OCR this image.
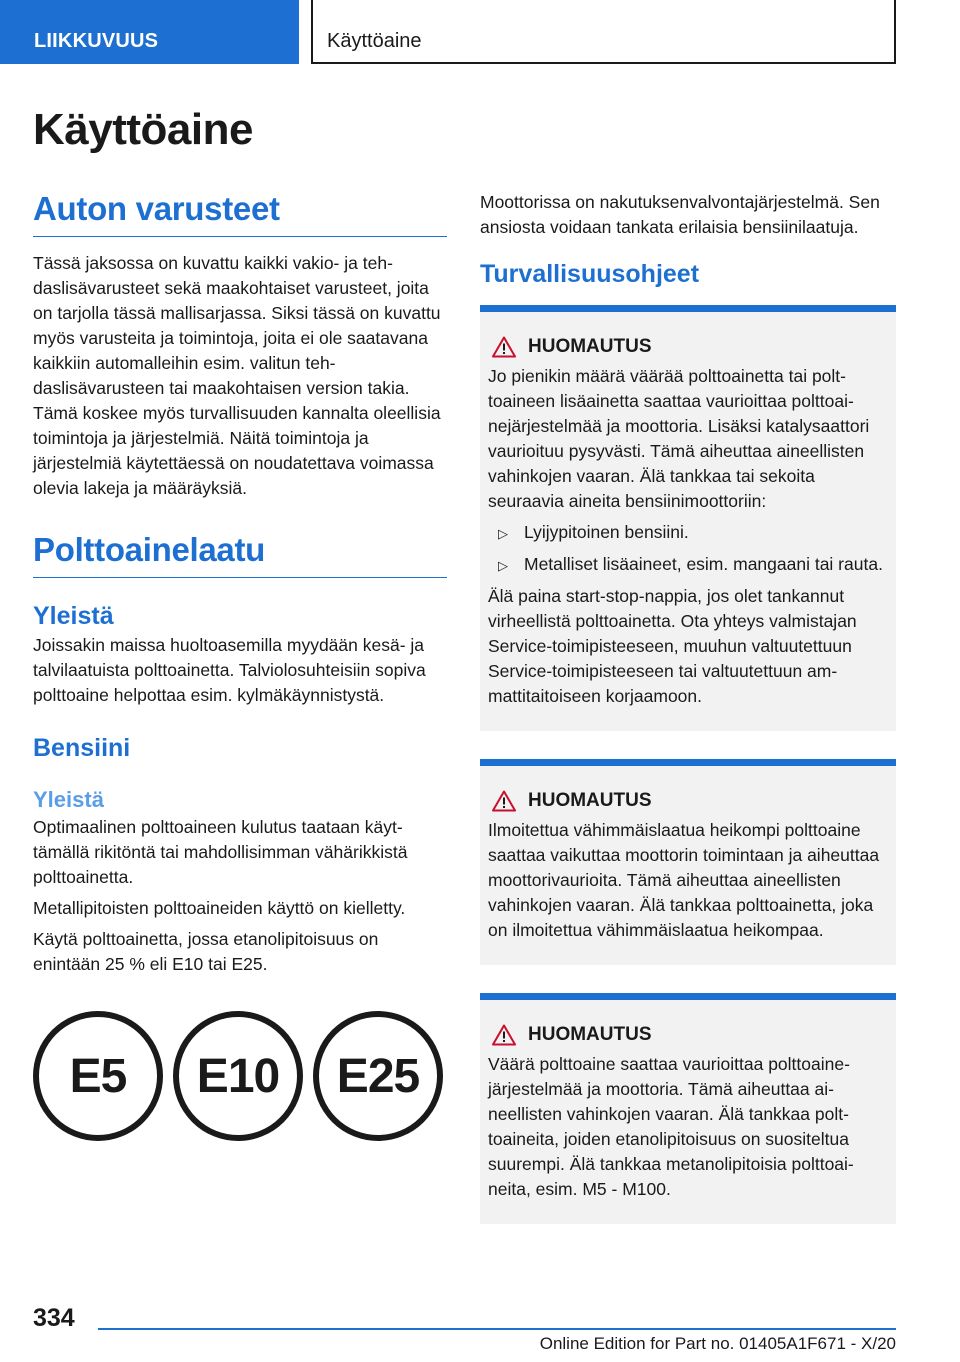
LIIKKUVUUS	Käyttöaine
Käyttöaine
Auton varusteet

Tässä jaksossa on kuvattu kaikki vakio- ja tehdaslisävarusteet sekä maakohtaiset varusteet, joita on tarjolla tässä mallisarjassa. Siksi tässä on kuvattu myös varusteita ja toimintoja, joita ei ole saatavana kaikkiin automalleihin esim. valitun tehdaslisävarusteen tai maakohtaisen version takia. Tämä koskee myös turvallisuuden kannalta oleellisia toimintoja ja järjestelmiä. Näitä toimintoja ja järjestelmiä käytettäessä on noudatettava voimassa olevia lakeja ja määräyksiä.

Polttoainelaatu
Yleistä

Joissakin maissa huoltoasemilla myydään kesä- ja talvilaatuista polttoainetta. Talviolosuhteisiin sopiva polttoaine helpottaa esim. kylmäkäynnistystä.

Bensiini
Yleistä

Optimaalinen polttoaineen kulutus taataan käyttämällä rikitöntä tai mahdollisimman vähärikkistä polttoainetta.

Metallipitoisten polttoaineiden käyttö on kielletty.

Käytä polttoainetta, jossa etanolipitoisuus on enintään 25 % eli E10 tai E25.

E5	E10	E25

Moottorissa on nakutuksenvalvontajärjestelmä. Sen ansiosta voidaan tankata erilaisia bensiinilaatuja.

Turvallisuusohjeet
HUOMAUTUS

Jo pienikin määrä väärää polttoainetta tai polttoaineen lisäainetta saattaa vaurioittaa polttoainejärjestelmää ja moottoria. Lisäksi katalysaattori vaurioituu pysyvästi. Tämä aiheuttaa aineellisten vahinkojen vaaran. Älä tankkaa tai sekoita seuraavia aineita bensiinimoottoriin:

▷ Lyijypitoinen bensiini.
▷ Metalliset lisäaineet, esim. mangaani tai rauta.

Älä paina start-stop-nappia, jos olet tankannut virheellistä polttoainetta. Ota yhteys valmistajan Service-toimipisteeseen, muuhun valtuutettuun Service-toimipisteeseen tai valtuutettuun ammattitaitoiseen korjaamoon.

HUOMAUTUS

Ilmoitettua vähimmäislaatua heikompi polttoaine saattaa vaikuttaa moottorin toimintaan ja aiheuttaa moottorivaurioita. Tämä aiheuttaa aineellisten vahinkojen vaaran. Älä tankkaa polttoainetta, joka on ilmoitettua vähimmäislaatua heikompaa.

HUOMAUTUS

Väärä polttoaine saattaa vaurioittaa polttoainejärjestelmää ja moottoria. Tämä aiheuttaa aineellisten vahinkojen vaaran. Älä tankkaa polttoaineita, joiden etanolipitoisuus on suositeltua suurempi. Älä tankkaa metanolipitoisia polttoaineita, esim. M5 - M100.

334
Online Edition for Part no. 01405A1F671 - X/20
